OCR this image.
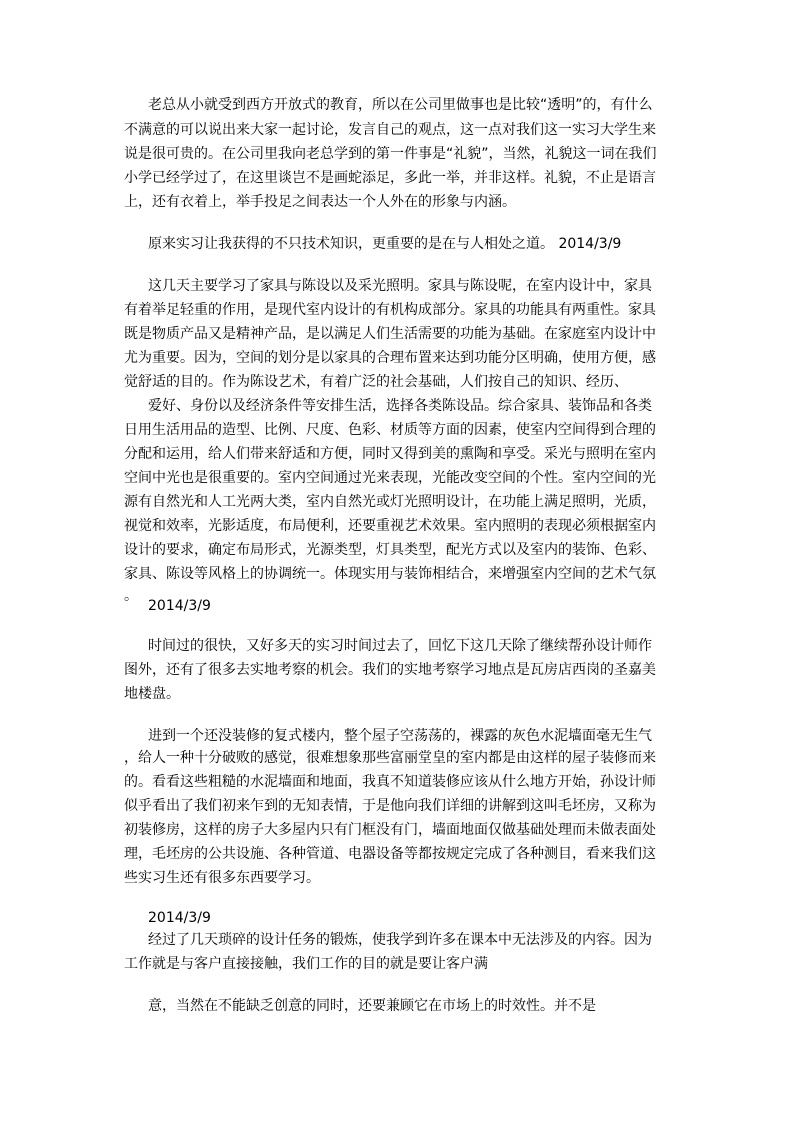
老总从小就受到西方开放式的教育，所以在公司里做事也是比较“透明”的，有什么
不满意的可以说出来大家一起讨论，发言自己的观点，这一点对我们这一实习大学生来
说是很可贵的。在公司里我向老总学到的第一件事是“礼貌”，当然，礼貌这一词在我们
小学已经学过了，在这里谈岂不是画蛇添足，多此一举，并非这样。礼貌，不止是语言
上，还有衣着上，举手投足之间表达一个人外在的形象与内涵。
原来实习让我获得的不只技术知识，更重要的是在与人相处之道。 2014/3/9
这几天主要学习了家具与陈设以及采光照明。家具与陈设呢，在室内设计中，家具
有着举足轻重的作用，是现代室内设计的有机构成部分。家具的功能具有两重性。家具
既是物质产品又是精神产品，是以满足人们生活需要的功能为基础。在家庭室内设计中
尤为重要。因为，空间的划分是以家具的合理布置来达到功能分区明确，使用方便，感
觉舒适的目的。作为陈设艺术，有着广泛的社会基础，人们按自己的知识、经历、
爱好、身份以及经济条件等安排生活，选择各类陈设品。综合家具、装饰品和各类
日用生活用品的造型、比例、尺度、色彩、材质等方面的因素，使室内空间得到合理的
分配和运用，给人们带来舒适和方便，同时又得到美的熏陶和享受。采光与照明在室内
空间中光也是很重要的。室内空间通过光来表现，光能改变空间的个性。室内空间的光
源有自然光和人工光两大类，室内自然光或灯光照明设计，在功能上满足照明，光质，
视觉和效率，光影适度，布局便利，还要重视艺术效果。室内照明的表现必须根据室内
设计的要求，确定布局形式，光源类型，灯具类型，配光方式以及室内的装饰、色彩、
家具、陈设等风格上的协调统一。体现实用与装饰相结合，来增强室内空间的艺术气氛
。
2014/3/9
时间过的很快，又好多天的实习时间过去了，回忆下这几天除了继续帮孙设计师作
图外，还有了很多去实地考察的机会。我们的实地考察学习地点是瓦房店西岗的圣嘉美
地楼盘。
进到一个还没装修的复式楼内，整个屋子空荡荡的，裸露的灰色水泥墙面毫无生气
，给人一种十分破败的感觉，很难想象那些富丽堂皇的室内都是由这样的屋子装修而来
的。看看这些粗糙的水泥墙面和地面，我真不知道装修应该从什么地方开始，孙设计师
似乎看出了我们初来乍到的无知表情，于是他向我们详细的讲解到这叫毛坯房，又称为
初装修房，这样的房子大多屋内只有门框没有门，墙面地面仅做基础处理而未做表面处
理，毛坯房的公共设施、各种管道、电器设备等都按规定完成了各种测目，看来我们这
些实习生还有很多东西要学习。
2014/3/9
经过了几天琐碎的设计任务的锻炼，使我学到许多在课本中无法涉及的内容。因为
工作就是与客户直接接触，我们工作的目的就是要让客户满
意，当然在不能缺乏创意的同时，还要兼顾它在市场上的时效性。并不是
